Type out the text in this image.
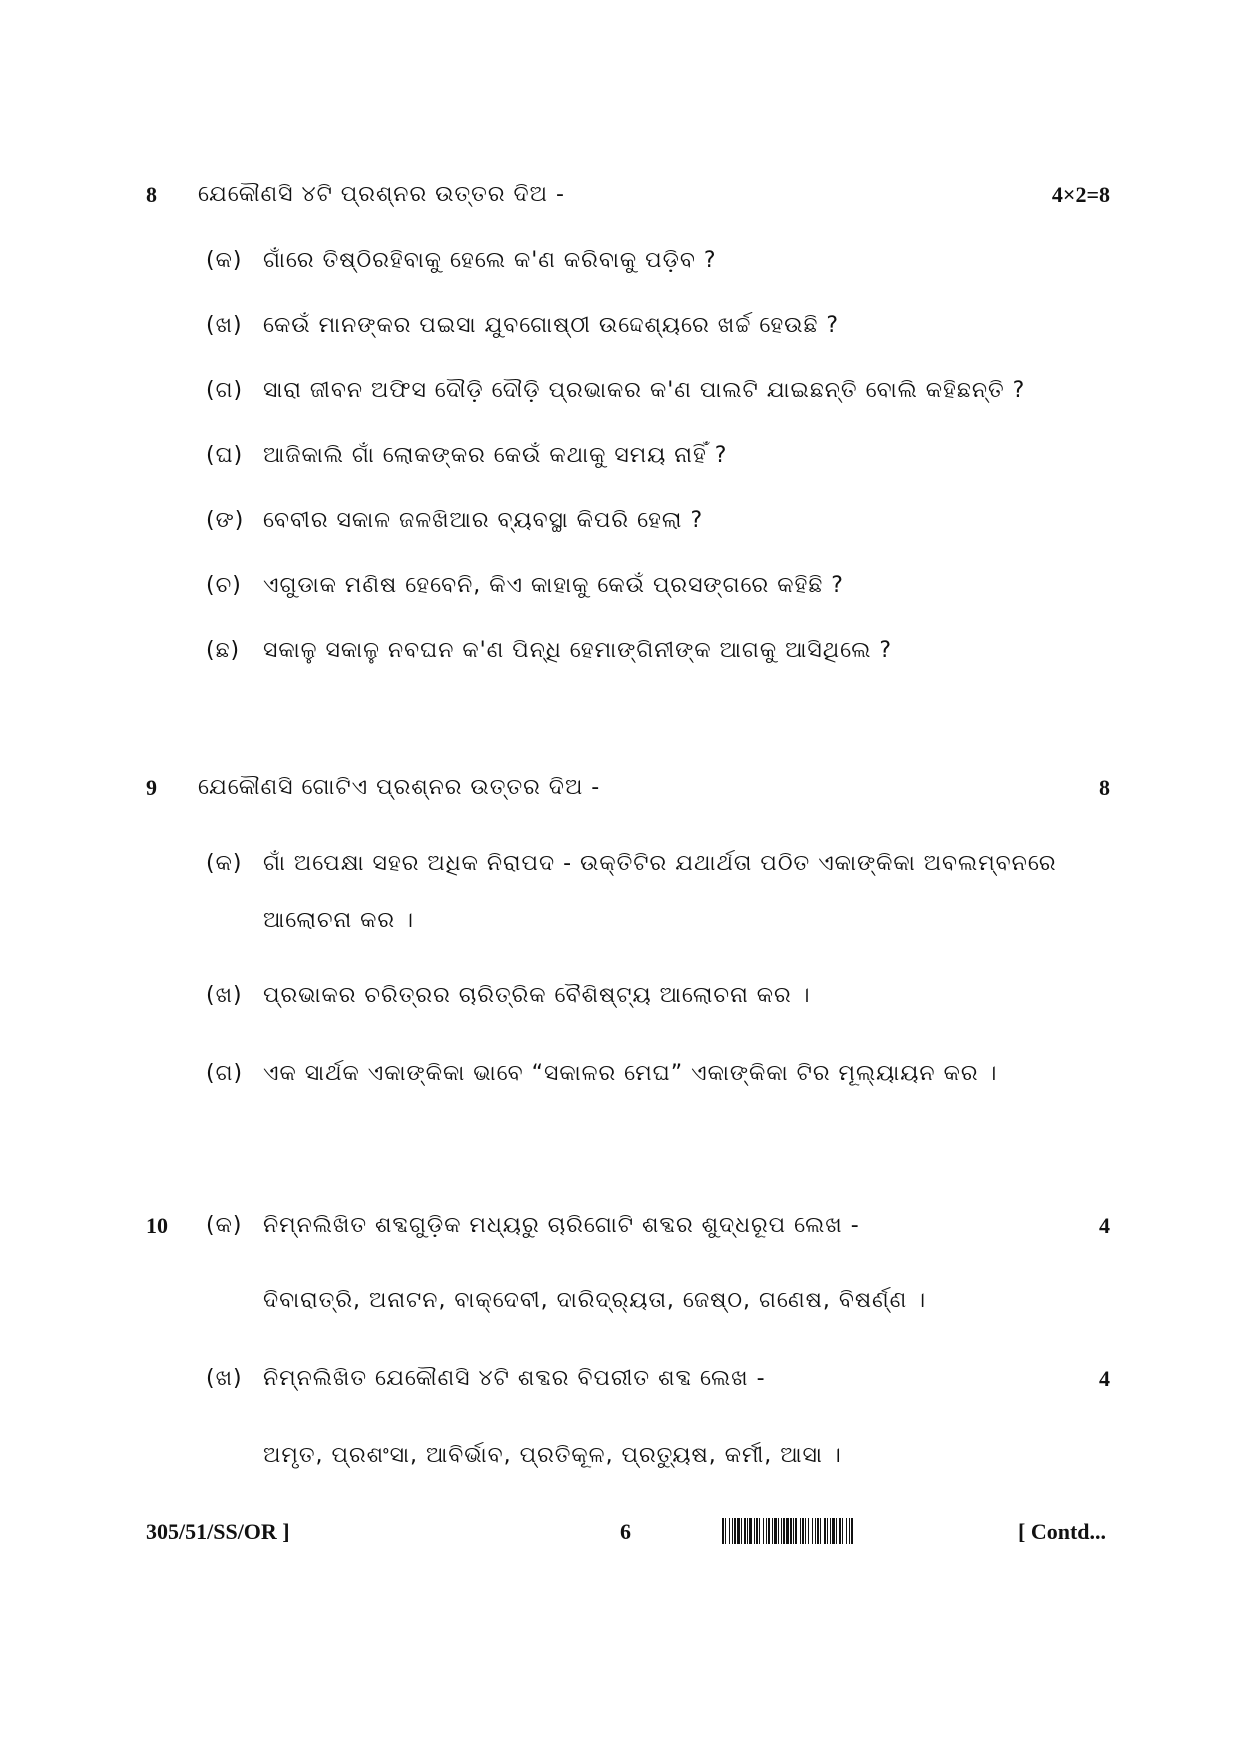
8 ଯେକୌଣସି ୪ଟି ପ୍ରଶ୍ନର ଉତ୍ତର ଦିଅ -	4×2=8
(କ) ଗାଁରେ ତିଷ୍ଠିରହିବାକୁ ହେଲେ କ'ଣ କରିବାକୁ ପଡ଼ିବ ?
(ଖ) କେଉଁ ମାନଙ୍କର ପଇସା ଯୁବଗୋଷ୍ଠୀ ଉଦ୍ଦେଶ୍ୟରେ ଖର୍ଚ୍ଚ ହେଉଛି ?
(ଗ) ସାରା ଜୀବନ ଅଫିସ ଦୌଡ଼ି ଦୌଡ଼ି ପ୍ରଭାକର କ'ଣ ପାଲଟି ଯାଇଛନ୍ତି ବୋଲି କହିଛନ୍ତି ?
(ଘ) ଆଜିକାଲି ଗାଁ ଲୋକଙ୍କର କେଉଁ କଥାକୁ ସମୟ ନାହିଁ ?
(ଙ) ବେବୀର ସକାଳ ଜଳଖିଆର ବ୍ୟବସ୍ଥା କିପରି ହେଲା ?
(ଚ) ଏଗୁଡାକ ମଣିଷ ହେବେନି, କିଏ କାହାକୁ କେଉଁ ପ୍ରସଙ୍ଗରେ କହିଛି ?
(ଛ) ସକାଳୁ ସକାଳୁ ନବଘନ କ'ଣ ପିନ୍ଧି ହେମାଙ୍ଗିନୀଙ୍କ ଆଗକୁ ଆସିଥିଲେ ?
9 ଯେକୌଣସି ଗୋଟିଏ ପ୍ରଶ୍ନର ଉତ୍ତର ଦିଅ -	8
(କ) ଗାଁ ଅପେକ୍ଷା ସହର ଅଧିକ ନିରାପଦ - ଉକ୍ତିଟିର ଯଥାର୍ଥତା ପଠିତ ଏକାଙ୍କିକା ଅବଲମ୍ବନରେ
ଆଲୋଚନା କର ।
(ଖ) ପ୍ରଭାକର ଚରିତ୍ରର ଚାରିତ୍ରିକ ବୈଶିଷ୍ଟ୍ୟ ଆଲୋଚନା କର ।
(ଗ) ଏକ ସାର୍ଥକ ଏକାଙ୍କିକା ଭାବେ “ସକାଳର ମେଘ” ଏକାଙ୍କିକା ଟିର ମୂଲ୍ୟାୟନ କର ।
10 (କ) ନିମ୍ନଲିଖିତ ଶବ୍ଦଗୁଡ଼ିକ ମଧ୍ୟରୁ ଚାରିଗୋଟି ଶବ୍ଦର ଶୁଦ୍ଧରୂପ ଲେଖ -	4
ଦିବାରାତ୍ରି, ଅନାଟନ, ବାକ୍‌ଦେବୀ, ଦାରିଦ୍ର୍ୟତା, ଜେଷ୍ଠ, ଗଣେଷ, ବିଷର୍ଣ୍ଣ ।
(ଖ) ନିମ୍ନଲିଖିତ ଯେକୌଣସି ୪ଟି ଶବ୍ଦର ବିପରୀତ ଶବ୍ଦ ଲେଖ -	4
ଅମୃତ, ପ୍ରଶଂସା, ଆବିର୍ଭାବ, ପ୍ରତିକୂଳ, ପ୍ରତ୍ୟୁଷ, କର୍ମୀ, ଆସା ।
305/51/SS/OR ]	6	[ Contd...
